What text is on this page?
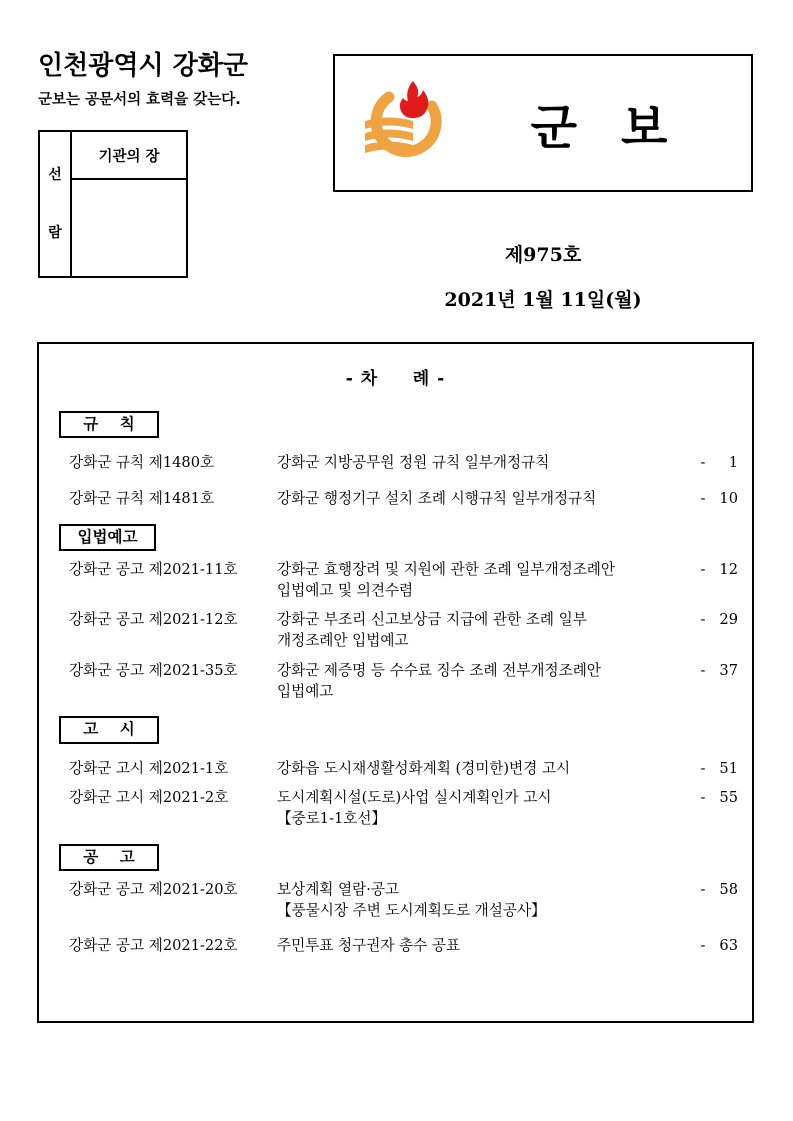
인천광역시 강화군
군보는 공문서의 효력을 갖는다.
선
람
기관의 장
군보
제975호
2021년 1월 11일(월)
- 차     례 -
규    칙
강화군 규칙 제1480호	강화군 지방공무원 정원 규칙 일부개정규칙	-	1
강화군 규칙 제1481호	강화군 행정기구 설치 조례 시행규칙 일부개정규칙	- 10
입법예고
강화군 공고 제2021-11호	강화군 효행장려 및 지원에 관한 조례 일부개정조례안
입법예고 및 의견수렴
- 12
강화군 공고 제2021-12호	강화군 부조리 신고보상금 지급에 관한 조례 일부
개정조례안 입법예고
- 29
강화군 공고 제2021-35호	강화군 제증명 등 수수료 징수 조례 전부개정조례안
입법예고
- 37
고    시
강화군 고시 제2021-1호	강화읍 도시재생활성화계획 (경미한)변경 고시	- 51
강화군 고시 제2021-2호	도시계획시설(도로)사업 실시계획인가 고시
【중로1-1호선】
- 55
공    고
강화군 공고 제2021-20호	보상계획 열람·공고
【풍물시장 주변 도시계획도로 개설공사】
- 58
강화군 공고 제2021-22호	주민투표 청구권자 총수 공표	- 63
